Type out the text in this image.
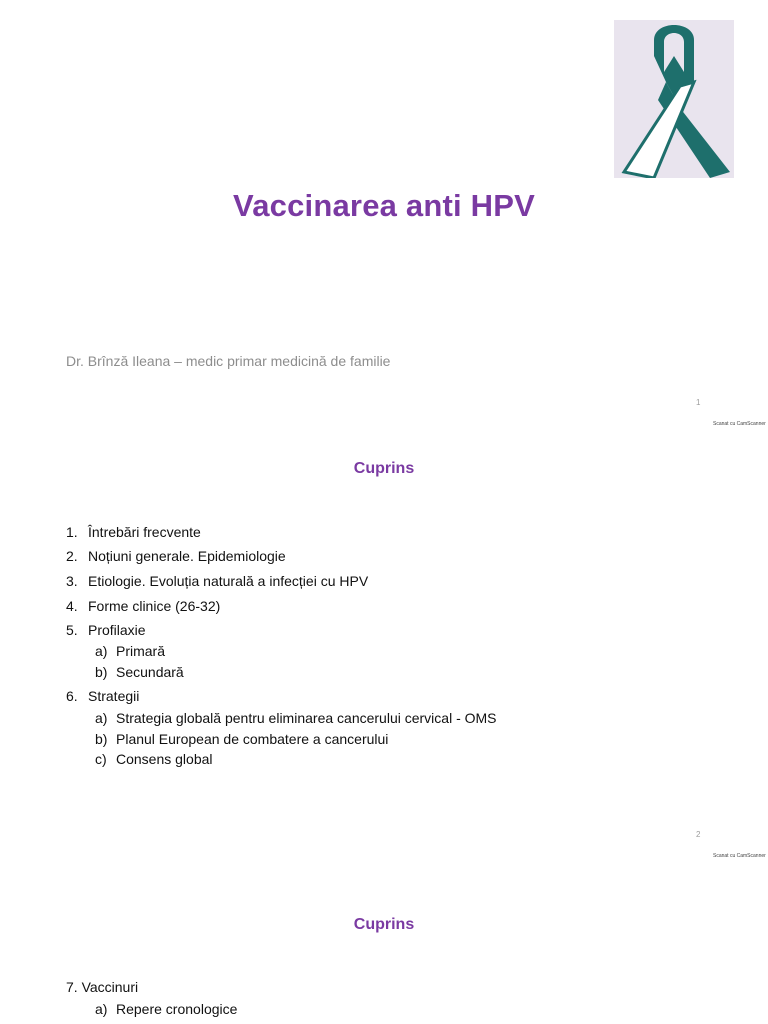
Vaccinarea anti HPV
Dr. Brînză Ileana – medic primar medicină de familie
1
Scanat cu CamScanner
Cuprins
1. Întrebări frecvente
2. Noțiuni generale. Epidemiologie
3. Etiologie. Evoluția naturală a infecției cu HPV
4. Forme clinice (26-32)
5. Profilaxie
a) Primară
b) Secundară
6. Strategii
a) Strategia globală pentru eliminarea cancerului cervical - OMS
b) Planul European de combatere a cancerului
c) Consens global
2
Scanat cu CamScanner
Cuprins
7. Vaccinuri
a) Repere cronologice
